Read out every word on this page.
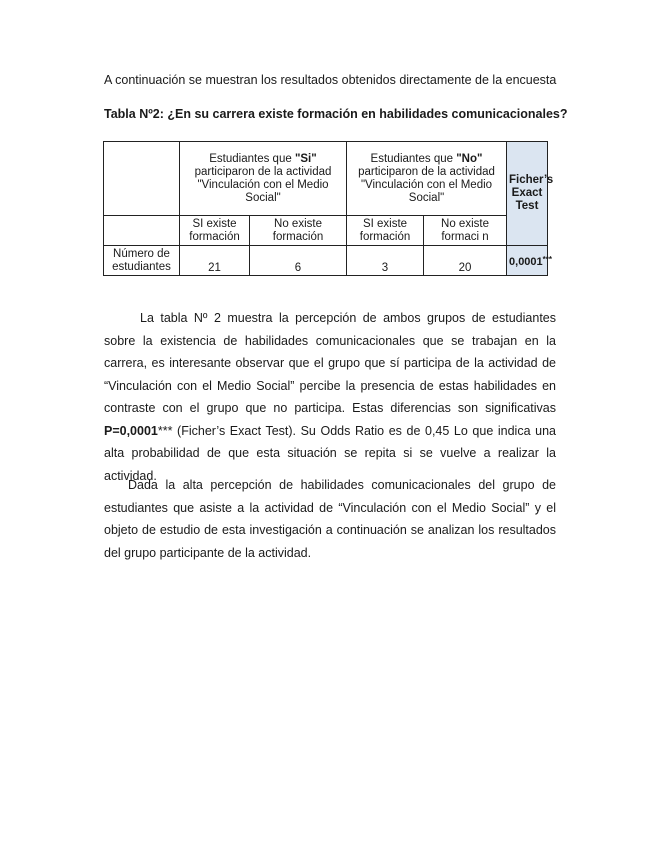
A continuación se muestran los resultados obtenidos directamente de la encuesta

Tabla Nº2: ¿En su carrera existe formación en habilidades comunicacionales?

	Estudiantes que "Si" participaron de la actividad "Vinculación con el Medio Social"		Estudiantes que "No" participaron de la actividad "Vinculación con el Medio Social"		Ficher’s Exact Test
	SI existe formación	No existe formación	SI existe formación	No existe formaci n	
Número de estudiantes	21	6	3	20	0,0001***

La tabla Nº 2 muestra la percepción de ambos grupos de estudiantes sobre la existencia de habilidades comunicacionales que se trabajan en la carrera, es interesante observar que el grupo que sí participa de la actividad de “Vinculación con el Medio Social” percibe la presencia de estas habilidades en contraste con el grupo que no participa. Estas diferencias son significativas P=0,0001*** (Ficher’s Exact Test). Su Odds Ratio es de 0,45 Lo que indica una alta probabilidad de que esta situación se repita si se vuelve a realizar la actividad.

Dada la alta percepción de habilidades comunicacionales del grupo de estudiantes que asiste a la actividad de “Vinculación con el Medio Social” y el objeto de estudio de esta investigación a continuación se analizan los resultados del grupo participante de la actividad.
